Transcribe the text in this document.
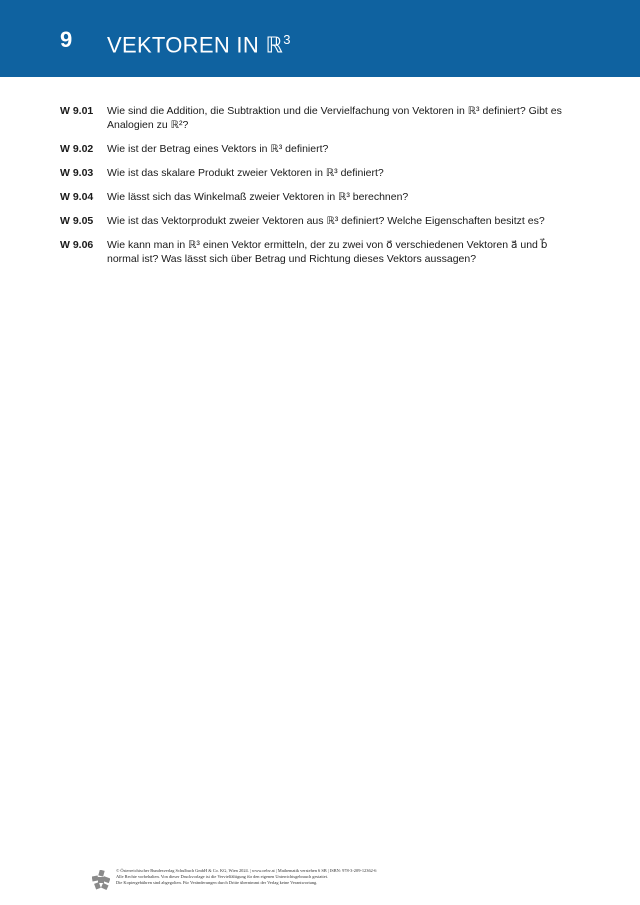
9 VEKTOREN IN ℝ$^3$
W 9.01	Wie sind die Addition, die Subtraktion und die Vervielfachung von Vektoren in ℝ³ definiert? Gibt es Analogien zu ℝ²?
W 9.02	Wie ist der Betrag eines Vektors in ℝ³ definiert?
W 9.03	Wie ist das skalare Produkt zweier Vektoren in ℝ³ definiert?
W 9.04	Wie lässt sich das Winkelmaß zweier Vektoren in ℝ³ berechnen?
W 9.05	Wie ist das Vektorprodukt zweier Vektoren aus ℝ³ definiert? Welche Eigenschaften besitzt es?
W 9.06	Wie kann man in ℝ³ einen Vektor ermitteln, der zu zwei von o⃗ verschiedenen Vektoren a⃗ und b⃗ normal ist? Was lässt sich über Betrag und Richtung dieses Vektors aussagen?
© Österreichischer Bundesverlag Schulbuch GmbH & Co. KG, Wien 2024. | www.oebv.at | Mathematik verstehen 6 SB | ISBN: 978-3-209-12362-6
Alle Rechte vorbehalten. Von dieser Druckvorlage ist die Vervielfältigung für den eigenen Unterrichtsgebrauch gestattet.
Die Kopiergebühren sind abgegolten. Für Veränderungen durch Dritte übernimmt der Verlag keine Verantwortung.
